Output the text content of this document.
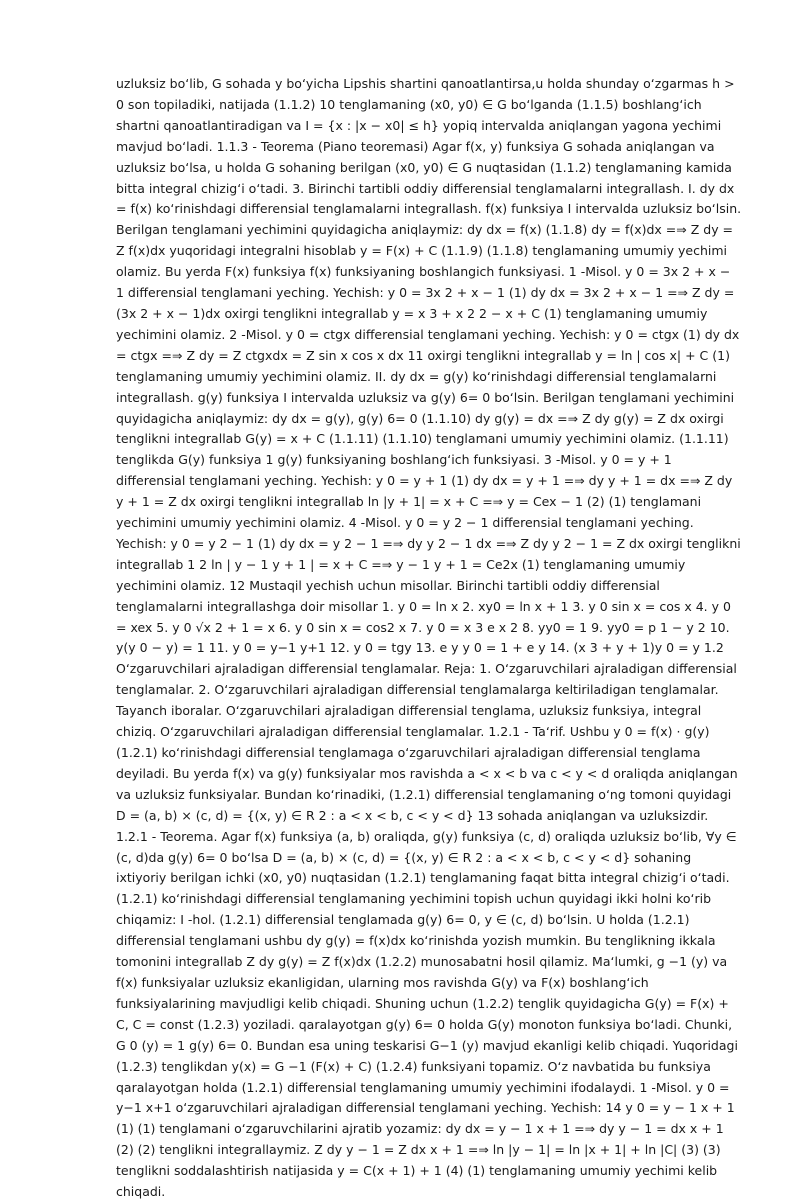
uzluksiz boʻlib, G sohada y boʻyicha Lipshis shartini qanoatlantirsa,u holda shunday oʻzgarmas h > 0 son topiladiki, natijada (1.1.2) 10 tenglamaning (x0, y0) ∈ G boʻlganda (1.1.5) boshlangʻich shartni qanoatlantiradigan va I = {x : |x − x0| ≤ h} yopiq intervalda aniqlangan yagona yechimi mavjud boʻladi. 1.1.3 - Teorema (Piano teoremasi) Agar f(x, y) funksiya G sohada aniqlangan va uzluksiz boʻlsa, u holda G sohaning berilgan (x0, y0) ∈ G nuqtasidan (1.1.2) tenglamaning kamida bitta integral chizigʻi oʻtadi. 3. Birinchi tartibli oddiy differensial tenglamalarni integrallash. I. dy dx = f(x) koʻrinishdagi differensial tenglamalarni integrallash. f(x) funksiya I intervalda uzluksiz boʻlsin. Berilgan tenglamani yechimini quyidagicha aniqlaymiz: dy dx = f(x) (1.1.8) dy = f(x)dx =⇒ Z dy = Z f(x)dx yuqoridagi integralni hisoblab y = F(x) + C (1.1.9) (1.1.8) tenglamaning umumiy yechimi olamiz. Bu yerda F(x) funksiya f(x) funksiyaning boshlangich funksiyasi. 1 -Misol. y 0 = 3x 2 + x − 1 differensial tenglamani yeching. Yechish: y 0 = 3x 2 + x − 1 (1) dy dx = 3x 2 + x − 1 =⇒ Z dy = (3x 2 + x − 1)dx oxirgi tenglikni integrallab y = x 3 + x 2 2 − x + C (1) tenglamaning umumiy yechimini olamiz. 2 -Misol. y 0 = ctgx differensial tenglamani yeching. Yechish: y 0 = ctgx (1) dy dx = ctgx =⇒ Z dy = Z ctgxdx = Z sin x cos x dx 11 oxirgi tenglikni integrallab y = ln | cos x| + C (1) tenglamaning umumiy yechimini olamiz. II. dy dx = g(y) koʻrinishdagi differensial tenglamalarni integrallash. g(y) funksiya I intervalda uzluksiz va g(y) 6= 0 boʻlsin. Berilgan tenglamani yechimini quyidagicha aniqlaymiz: dy dx = g(y), g(y) 6= 0 (1.1.10) dy g(y) = dx =⇒ Z dy g(y) = Z dx oxirgi tenglikni integrallab G(y) = x + C (1.1.11) (1.1.10) tenglamani umumiy yechimini olamiz. (1.1.11) tenglikda G(y) funksiya 1 g(y) funksiyaning boshlangʻich funksiyasi. 3 -Misol. y 0 = y + 1 differensial tenglamani yeching. Yechish: y 0 = y + 1 (1) dy dx = y + 1 =⇒ dy y + 1 = dx =⇒ Z dy y + 1 = Z dx oxirgi tenglikni integrallab ln |y + 1| = x + C =⇒ y = Cex − 1 (2) (1) tenglamani yechimini umumiy yechimini olamiz. 4 -Misol. y 0 = y 2 − 1 differensial tenglamani yeching. Yechish: y 0 = y 2 − 1 (1) dy dx = y 2 − 1 =⇒ dy y 2 − 1 dx =⇒ Z dy y 2 − 1 = Z dx oxirgi tenglikni integrallab 1 2 ln | y − 1 y + 1 | = x + C =⇒ y − 1 y + 1 = Ce2x (1) tenglamaning umumiy yechimini olamiz. 12 Mustaqil yechish uchun misollar. Birinchi tartibli oddiy differensial tenglamalarni integrallashga doir misollar 1. y 0 = ln x 2. xy0 = ln x + 1 3. y 0 sin x = cos x 4. y 0 = xex 5. y 0 √x 2 + 1 = x 6. y 0 sin x = cos2 x 7. y 0 = x 3 e x 2 8. yy0 = 1 9. yy0 = p 1 − y 2 10. y(y 0 − y) = 1 11. y 0 = y−1 y+1 12. y 0 = tgy 13. e y y 0 = 1 + e y 14. (x 3 + y + 1)y 0 = y 1.2 Oʻzgaruvchilari ajraladigan differensial tenglamalar. Reja: 1. Oʻzgaruvchilari ajraladigan differensial tenglamalar. 2. Oʻzgaruvchilari ajraladigan differensial tenglamalarga keltiriladigan tenglamalar. Tayanch iboralar. Oʻzgaruvchilari ajraladigan differensial tenglama, uzluksiz funksiya, integral chiziq. Oʻzgaruvchilari ajraladigan differensial tenglamalar. 1.2.1 - Taʻrif. Ushbu y 0 = f(x) · g(y) (1.2.1) koʻrinishdagi differensial tenglamaga oʻzgaruvchilari ajraladigan differensial tenglama deyiladi. Bu yerda f(x) va g(y) funksiyalar mos ravishda a < x < b va c < y < d oraliqda aniqlangan va uzluksiz funksiyalar. Bundan koʻrinadiki, (1.2.1) differensial tenglamaning oʻng tomoni quyidagi D = (a, b) × (c, d) = {(x, y) ∈ R 2 : a < x < b, c < y < d} 13 sohada aniqlangan va uzluksizdir. 1.2.1 - Teorema. Agar f(x) funksiya (a, b) oraliqda, g(y) funksiya (c, d) oraliqda uzluksiz boʻlib, ∀y ∈ (c, d)da g(y) 6= 0 boʻlsa D = (a, b) × (c, d) = {(x, y) ∈ R 2 : a < x < b, c < y < d} sohaning ixtiyoriy berilgan ichki (x0, y0) nuqtasidan (1.2.1) tenglamaning faqat bitta integral chizigʻi oʻtadi. (1.2.1) koʻrinishdagi differensial tenglamaning yechimini topish uchun quyidagi ikki holni koʻrib chiqamiz: I -hol. (1.2.1) differensial tenglamada g(y) 6= 0, y ∈ (c, d) boʻlsin. U holda (1.2.1) differensial tenglamani ushbu dy g(y) = f(x)dx koʻrinishda yozish mumkin. Bu tenglikning ikkala tomonini integrallab Z dy g(y) = Z f(x)dx (1.2.2) munosabatni hosil qilamiz. Maʻlumki, g −1 (y) va f(x) funksiyalar uzluksiz ekanligidan, ularning mos ravishda G(y) va F(x) boshlangʻich funksiyalarining mavjudligi kelib chiqadi. Shuning uchun (1.2.2) tenglik quyidagicha G(y) = F(x) + C, C = const (1.2.3) yoziladi. qaralayotgan g(y) 6= 0 holda G(y) monoton funksiya boʻladi. Chunki, G 0 (y) = 1 g(y) 6= 0. Bundan esa uning teskarisi G−1 (y) mavjud ekanligi kelib chiqadi. Yuqoridagi (1.2.3) tenglikdan y(x) = G −1 (F(x) + C) (1.2.4) funksiyani topamiz. Oʻz navbatida bu funksiya qaralayotgan holda (1.2.1) differensial tenglamaning umumiy yechimini ifodalaydi. 1 -Misol. y 0 = y−1 x+1 oʻzgaruvchilari ajraladigan differensial tenglamani yeching. Yechish: 14 y 0 = y − 1 x + 1 (1) (1) tenglamani oʻzgaruvchilarini ajratib yozamiz: dy dx = y − 1 x + 1 =⇒ dy y − 1 = dx x + 1 (2) (2) tenglikni integrallaymiz. Z dy y − 1 = Z dx x + 1 =⇒ ln |y − 1| = ln |x + 1| + ln |C| (3) (3) tenglikni soddalashtirish natijasida y = C(x + 1) + 1 (4) (1) tenglamaning umumiy yechimi kelib chiqadi.
